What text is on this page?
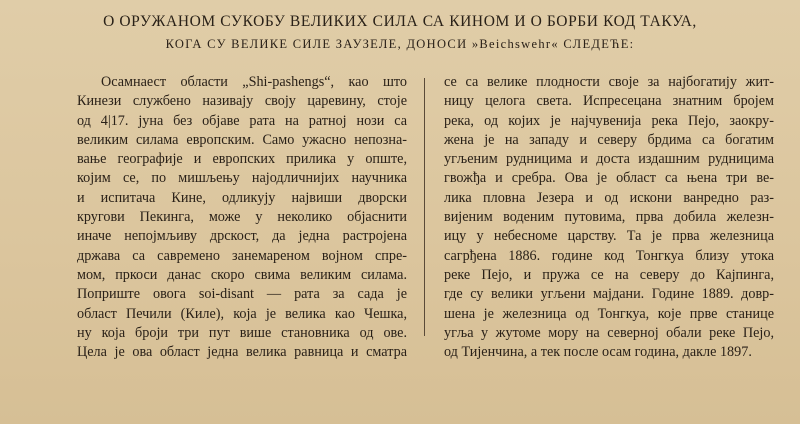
О ОРУЖАНОМ СУКОБУ ВЕЛИКИХ СИЛА СА КИНОМ И О БОРБИ КОД ТАКУА,
КОГА СУ ВЕЛИКЕ СИЛЕ ЗАУЗЕЛЕ, ДОНОСИ »Beichswehr« СЛЕДЕЋЕ:
Осамнаест области „Shi-pashengs“, као што
Кинези службено називају своју царевину, стоје
од 4|17. јуна без објаве рата на ратној нози са
великим силама европским. Само ужасно непозна-
вање географије и европских прилика у опште,
којим се, по мишљењу најодличнијих научника
и испитача Кине, одликују највиши дворски
кругови Пекинга, може у неколико објаснити
иначе непојмљиву дрскост, да једна растројена
држава са савремено занемареном војном спре-
мом, пркоси данас скоро свима великим силама.
Поприште овога soi-disant — рата за сада је
област Печили (Киле), која је велика као Чешка,
ну која броји три пут више становника од ове.
Цела је ова област једна велика равница и сматра
се са велике плодности своје за најбогатију жит-
ницу целога света. Испресецана знатним бројем
река, од којих је најчувенија река Пејо, заокру-
жена је на западу и северу брдима са богатим
угљеним рудницима и доста издашним рудницима
гвожђа и сребра. Ова је област са њена три ве-
лика пловна Језера и од искони ванредно раз-
вијеним воденим путовима, прва добила железн-
ицу у небесноме царству. Та је прва железница
сагрђена 1886. године код Тонгкуа близу утока
реке Пејо, и пружа се на северу до Кајпинга,
где су велики угљени мајдани. Године 1889. довр-
шена је железница од Тонгкуа, које прве станице
угља у жутоме мору на северној обали реке Пејо,
од Тијенчина, а тек после осам година, дакле 1897.
